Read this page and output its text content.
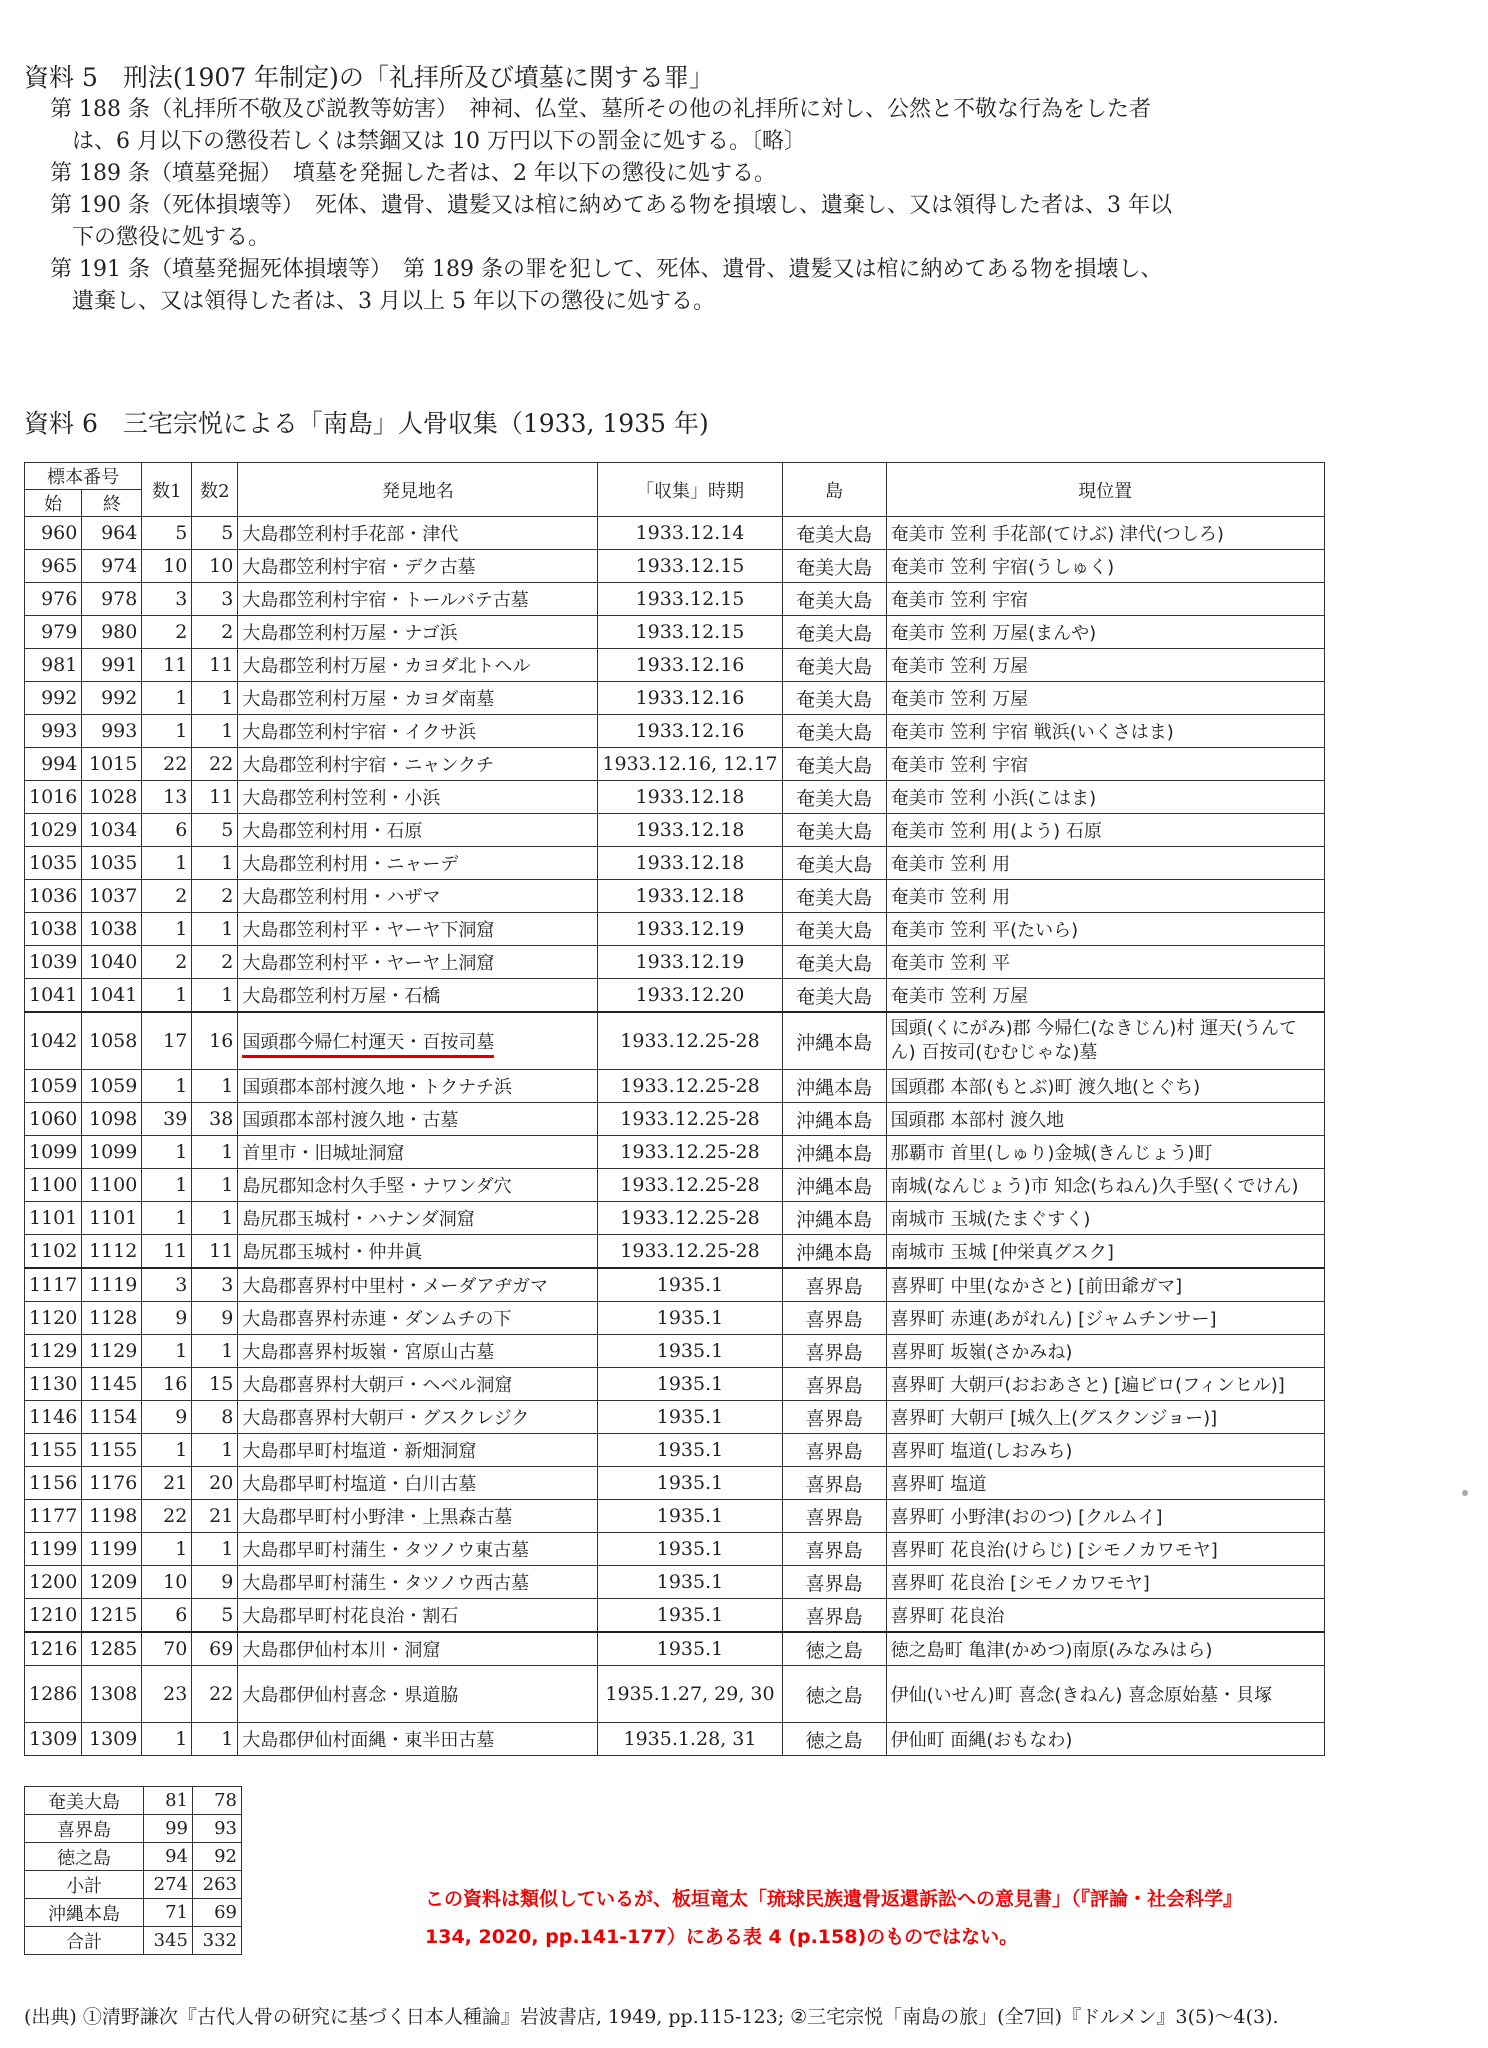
資料 5　刑法(1907 年制定)の「礼拝所及び墳墓に関する罪」

第 188 条（礼拝所不敬及び説教等妨害）　神祠、仏堂、墓所その他の礼拝所に対し、公然と不敬な行為をした者

　は、6 月以下の懲役若しくは禁錮又は 10 万円以下の罰金に処する。〔略〕

第 189 条（墳墓発掘）　墳墓を発掘した者は、2 年以下の懲役に処する。

第 190 条（死体損壊等）　死体、遺骨、遺髪又は棺に納めてある物を損壊し、遺棄し、又は領得した者は、3 年以

　下の懲役に処する。

第 191 条（墳墓発掘死体損壊等）　第 189 条の罪を犯して、死体、遺骨、遺髪又は棺に納めてある物を損壊し、

　遺棄し、又は領得した者は、3 月以上 5 年以下の懲役に処する。

資料 6　三宅宗悦による「南島」人骨収集（1933, 1935 年)
標本番号		数1	数2	発見地名	「収集」時期	島	現位置
始	終						
960	964	5	5	大島郡笠利村手花部・津代	1933.12.14	奄美大島	奄美市 笠利 手花部(てけぶ) 津代(つしろ)
965	974	10	10	大島郡笠利村宇宿・デク古墓	1933.12.15	奄美大島	奄美市 笠利 宇宿(うしゅく)
976	978	3	3	大島郡笠利村宇宿・トールバテ古墓	1933.12.15	奄美大島	奄美市 笠利 宇宿
979	980	2	2	大島郡笠利村万屋・ナゴ浜	1933.12.15	奄美大島	奄美市 笠利 万屋(まんや)
981	991	11	11	大島郡笠利村万屋・カヨダ北トヘル	1933.12.16	奄美大島	奄美市 笠利 万屋
992	992	1	1	大島郡笠利村万屋・カヨダ南墓	1933.12.16	奄美大島	奄美市 笠利 万屋
993	993	1	1	大島郡笠利村宇宿・イクサ浜	1933.12.16	奄美大島	奄美市 笠利 宇宿 戦浜(いくさはま)
994	1015	22	22	大島郡笠利村宇宿・ニャンクチ	1933.12.16, 12.17	奄美大島	奄美市 笠利 宇宿
1016	1028	13	11	大島郡笠利村笠利・小浜	1933.12.18	奄美大島	奄美市 笠利 小浜(こはま)
1029	1034	6	5	大島郡笠利村用・石原	1933.12.18	奄美大島	奄美市 笠利 用(よう) 石原
1035	1035	1	1	大島郡笠利村用・ニャーデ	1933.12.18	奄美大島	奄美市 笠利 用
1036	1037	2	2	大島郡笠利村用・ハザマ	1933.12.18	奄美大島	奄美市 笠利 用
1038	1038	1	1	大島郡笠利村平・ヤーヤ下洞窟	1933.12.19	奄美大島	奄美市 笠利 平(たいら)
1039	1040	2	2	大島郡笠利村平・ヤーヤ上洞窟	1933.12.19	奄美大島	奄美市 笠利 平
1041	1041	1	1	大島郡笠利村万屋・石橋	1933.12.20	奄美大島	奄美市 笠利 万屋
1042	1058	17	16	国頭郡今帰仁村運天・百按司墓	1933.12.25-28	沖縄本島	国頭(くにがみ)郡 今帰仁(なきじん)村 運天(うんてん) 百按司(むむじゃな)墓
1059	1059	1	1	国頭郡本部村渡久地・トクナチ浜	1933.12.25-28	沖縄本島	国頭郡 本部(もとぶ)町 渡久地(とぐち)
1060	1098	39	38	国頭郡本部村渡久地・古墓	1933.12.25-28	沖縄本島	国頭郡 本部村 渡久地
1099	1099	1	1	首里市・旧城址洞窟	1933.12.25-28	沖縄本島	那覇市 首里(しゅり)金城(きんじょう)町
1100	1100	1	1	島尻郡知念村久手堅・ナワンダ穴	1933.12.25-28	沖縄本島	南城(なんじょう)市 知念(ちねん)久手堅(くでけん)
1101	1101	1	1	島尻郡玉城村・ハナンダ洞窟	1933.12.25-28	沖縄本島	南城市 玉城(たまぐすく)
1102	1112	11	11	島尻郡玉城村・仲井眞	1933.12.25-28	沖縄本島	南城市 玉城 [仲栄真グスク]
1117	1119	3	3	大島郡喜界村中里村・メーダアヂガマ	1935.1	喜界島	喜界町 中里(なかさと) [前田爺ガマ]
1120	1128	9	9	大島郡喜界村赤連・ダンムチの下	1935.1	喜界島	喜界町 赤連(あがれん) [ジャムチンサー]
1129	1129	1	1	大島郡喜界村坂嶺・宮原山古墓	1935.1	喜界島	喜界町 坂嶺(さかみね)
1130	1145	16	15	大島郡喜界村大朝戸・ヘベル洞窟	1935.1	喜界島	喜界町 大朝戸(おおあさと) [遍ビロ(フィンヒル)]
1146	1154	9	8	大島郡喜界村大朝戸・グスクレジク	1935.1	喜界島	喜界町 大朝戸 [城久上(グスクンジョー)]
1155	1155	1	1	大島郡早町村塩道・新畑洞窟	1935.1	喜界島	喜界町 塩道(しおみち)
1156	1176	21	20	大島郡早町村塩道・白川古墓	1935.1	喜界島	喜界町 塩道
1177	1198	22	21	大島郡早町村小野津・上黒森古墓	1935.1	喜界島	喜界町 小野津(おのつ) [クルムイ]
1199	1199	1	1	大島郡早町村蒲生・タツノウ東古墓	1935.1	喜界島	喜界町 花良治(けらじ) [シモノカワモヤ]
1200	1209	10	9	大島郡早町村蒲生・タツノウ西古墓	1935.1	喜界島	喜界町 花良治 [シモノカワモヤ]
1210	1215	6	5	大島郡早町村花良治・割石	1935.1	喜界島	喜界町 花良治
1216	1285	70	69	大島郡伊仙村本川・洞窟	1935.1	徳之島	徳之島町 亀津(かめつ)南原(みなみはら)
1286	1308	23	22	大島郡伊仙村喜念・県道脇	1935.1.27, 29, 30	徳之島	伊仙(いせん)町 喜念(きねん) 喜念原始墓・貝塚
1309	1309	1	1	大島郡伊仙村面縄・東半田古墓	1935.1.28, 31	徳之島	伊仙町 面縄(おもなわ)
奄美大島	81	78
喜界島	99	93
徳之島	94	92
小計	274	263
沖縄本島	71	69
合計	345	332
この資料は類似しているが、板垣竜太「琉球民族遺骨返還訴訟への意見書」（『評論・社会科学』
134, 2020, pp.141-177）にある表 4 (p.158)のものではない。
(出典) ①清野謙次『古代人骨の研究に基づく日本人種論』岩波書店, 1949, pp.115-123; ②三宅宗悦「南島の旅」(全7回)『ドルメン』3(5)〜4(3).
